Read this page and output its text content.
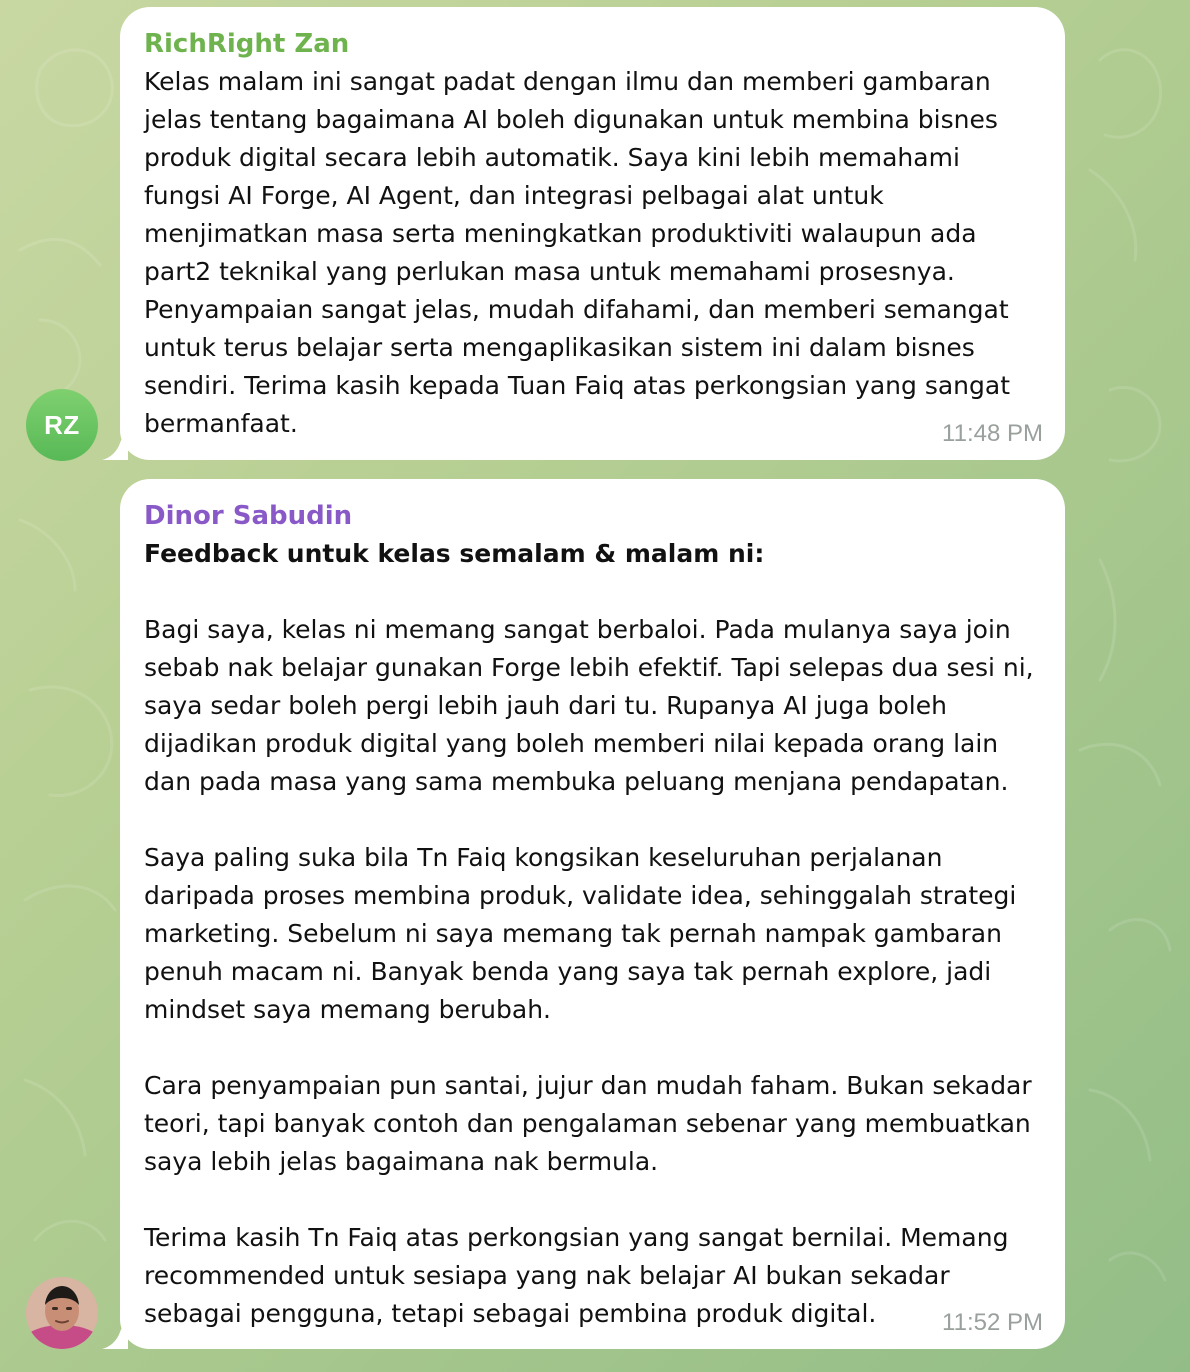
RZ
RichRight Zan
Kelas malam ini sangat padat dengan ilmu dan memberi gambaran jelas tentang bagaimana AI boleh digunakan untuk membina bisnes produk digital secara lebih automatik. Saya kini lebih memahami fungsi AI Forge, AI Agent, dan integrasi pelbagai alat untuk menjimatkan masa serta meningkatkan produktiviti walaupun ada part2 teknikal yang perlukan masa untuk memahami prosesnya. Penyampaian sangat jelas, mudah difahami, dan memberi semangat untuk terus belajar serta mengaplikasikan sistem ini dalam bisnes sendiri. Terima kasih kepada Tuan Faiq atas perkongsian yang sangat bermanfaat.	11:48 PM
Dinor Sabudin
Feedback untuk kelas semalam & malam ni:
Bagi saya, kelas ni memang sangat berbaloi. Pada mulanya saya join sebab nak belajar gunakan Forge lebih efektif. Tapi selepas dua sesi ni, saya sedar boleh pergi lebih jauh dari tu. Rupanya AI juga boleh dijadikan produk digital yang boleh memberi nilai kepada orang lain dan pada masa yang sama membuka peluang menjana pendapatan.
Saya paling suka bila Tn Faiq kongsikan keseluruhan perjalanan daripada proses membina produk, validate idea, sehinggalah strategi marketing. Sebelum ni saya memang tak pernah nampak gambaran penuh macam ni. Banyak benda yang saya tak pernah explore, jadi mindset saya memang berubah.
Cara penyampaian pun santai, jujur dan mudah faham. Bukan sekadar teori, tapi banyak contoh dan pengalaman sebenar yang membuatkan saya lebih jelas bagaimana nak bermula.
Terima kasih Tn Faiq atas perkongsian yang sangat bernilai. Memang recommended untuk sesiapa yang nak belajar AI bukan sekadar sebagai pengguna, tetapi sebagai pembina produk digital.	11:52 PM
